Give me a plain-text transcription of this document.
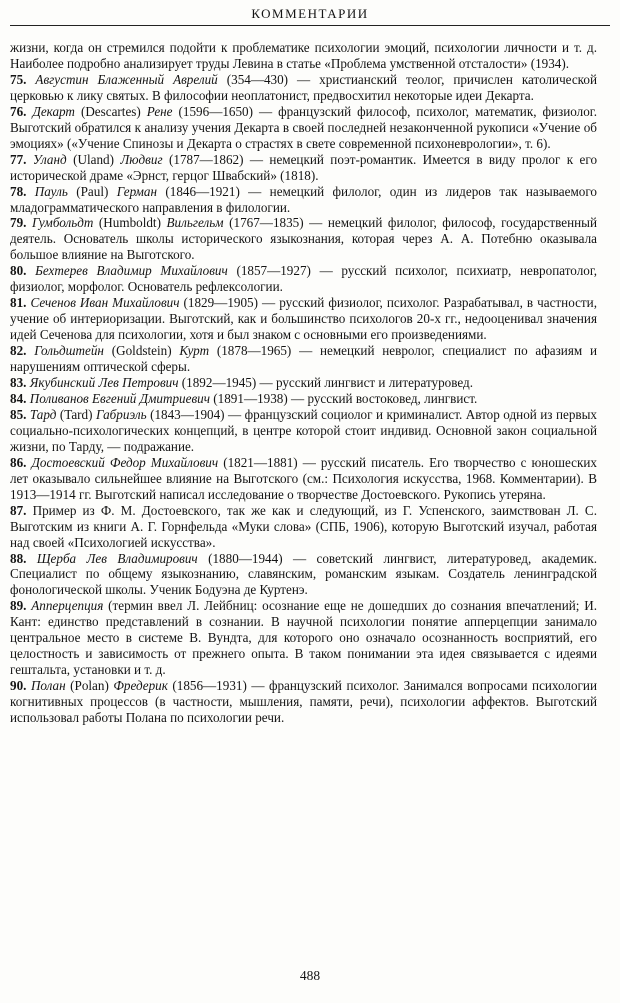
КОММЕНТАРИИ

жизни, когда он стремился подойти к проблематике психологии эмоций, психологии личности и т. д. Наиболее подробно анализирует труды Левина в статье «Проблема умственной отсталости» (1934).

75. Августин Блаженный Аврелий (354—430) — христианский теолог, причислен католической церковью к лику святых. В философии неоплатонист, предвосхитил некоторые идеи Декарта.

76. Декарт (Descartes) Рене (1596—1650) — французский философ, психолог, математик, физиолог. Выготский обратился к анализу учения Декарта в своей последней незаконченной рукописи «Учение об эмоциях» («Учение Спинозы и Декарта о страстях в свете современной психоневрологии», т. 6).

77. Уланд (Uland) Людвиг (1787—1862) — немецкий поэт-романтик. Имеется в виду пролог к его исторической драме «Эрнст, герцог Швабский» (1818).

78. Пауль (Paul) Герман (1846—1921) — немецкий филолог, один из лидеров так называемого младограмматического направления в филологии.

79. Гумбольдт (Humboldt) Вильгельм (1767—1835) — немецкий филолог, философ, государственный деятель. Основатель школы исторического языкознания, которая через А. А. Потебню оказывала большое влияние на Выготского.

80. Бехтерев Владимир Михайлович (1857—1927) — русский психолог, психиатр, невропатолог, физиолог, морфолог. Основатель рефлексологии.

81. Сеченов Иван Михайлович (1829—1905) — русский физиолог, психолог. Разрабатывал, в частности, учение об интериоризации. Выготский, как и большинство психологов 20-х гг., недооценивал значения идей Сеченова для психологии, хотя и был знаком с основными его произведениями.

82. Гольдштейн (Goldstein) Курт (1878—1965) — немецкий невролог, специалист по афазиям и нарушениям оптической сферы.

83. Якубинский Лев Петрович (1892—1945) — русский лингвист и литературовед.

84. Поливанов Евгений Дмитриевич (1891—1938) — русский востоковед, лингвист.

85. Тард (Tard) Габриэль (1843—1904) — французский социолог и криминалист. Автор одной из первых социально-психологических концепций, в центре которой стоит индивид. Основной закон социальной жизни, по Тарду, — подражание.

86. Достоевский Федор Михайлович (1821—1881) — русский писатель. Его творчество с юношеских лет оказывало сильнейшее влияние на Выготского (см.: Психология искусства, 1968. Комментарии). В 1913—1914 гг. Выготский написал исследование о творчестве Достоевского. Рукопись утеряна.

87. Пример из Ф. М. Достоевского, так же как и следующий, из Г. Успенского, заимствован Л. С. Выготским из книги А. Г. Горнфельда «Муки слова» (СПБ, 1906), которую Выготский изучал, работая над своей «Психологией искусства».

88. Щерба Лев Владимирович (1880—1944) — советский лингвист, литературовед, академик. Специалист по общему языкознанию, славянским, романским языкам. Создатель ленинградской фонологической школы. Ученик Бодуэна де Куртенэ.

89. Апперцепция (термин ввел Л. Лейбниц: осознание еще не дошедших до сознания впечатлений; И. Кант: единство представлений в сознании. В научной психологии понятие апперцепции занимало центральное место в системе В. Вундта, для которого оно означало осознанность восприятий, его целостность и зависимость от прежнего опыта. В таком понимании эта идея связывается с идеями гештальта, установки и т. д.

90. Полан (Polan) Фредерик (1856—1931) — французский психолог. Занимался вопросами психологии когнитивных процессов (в частности, мышления, памяти, речи), психологии аффектов. Выготский использовал работы Полана по психологии речи.

488
